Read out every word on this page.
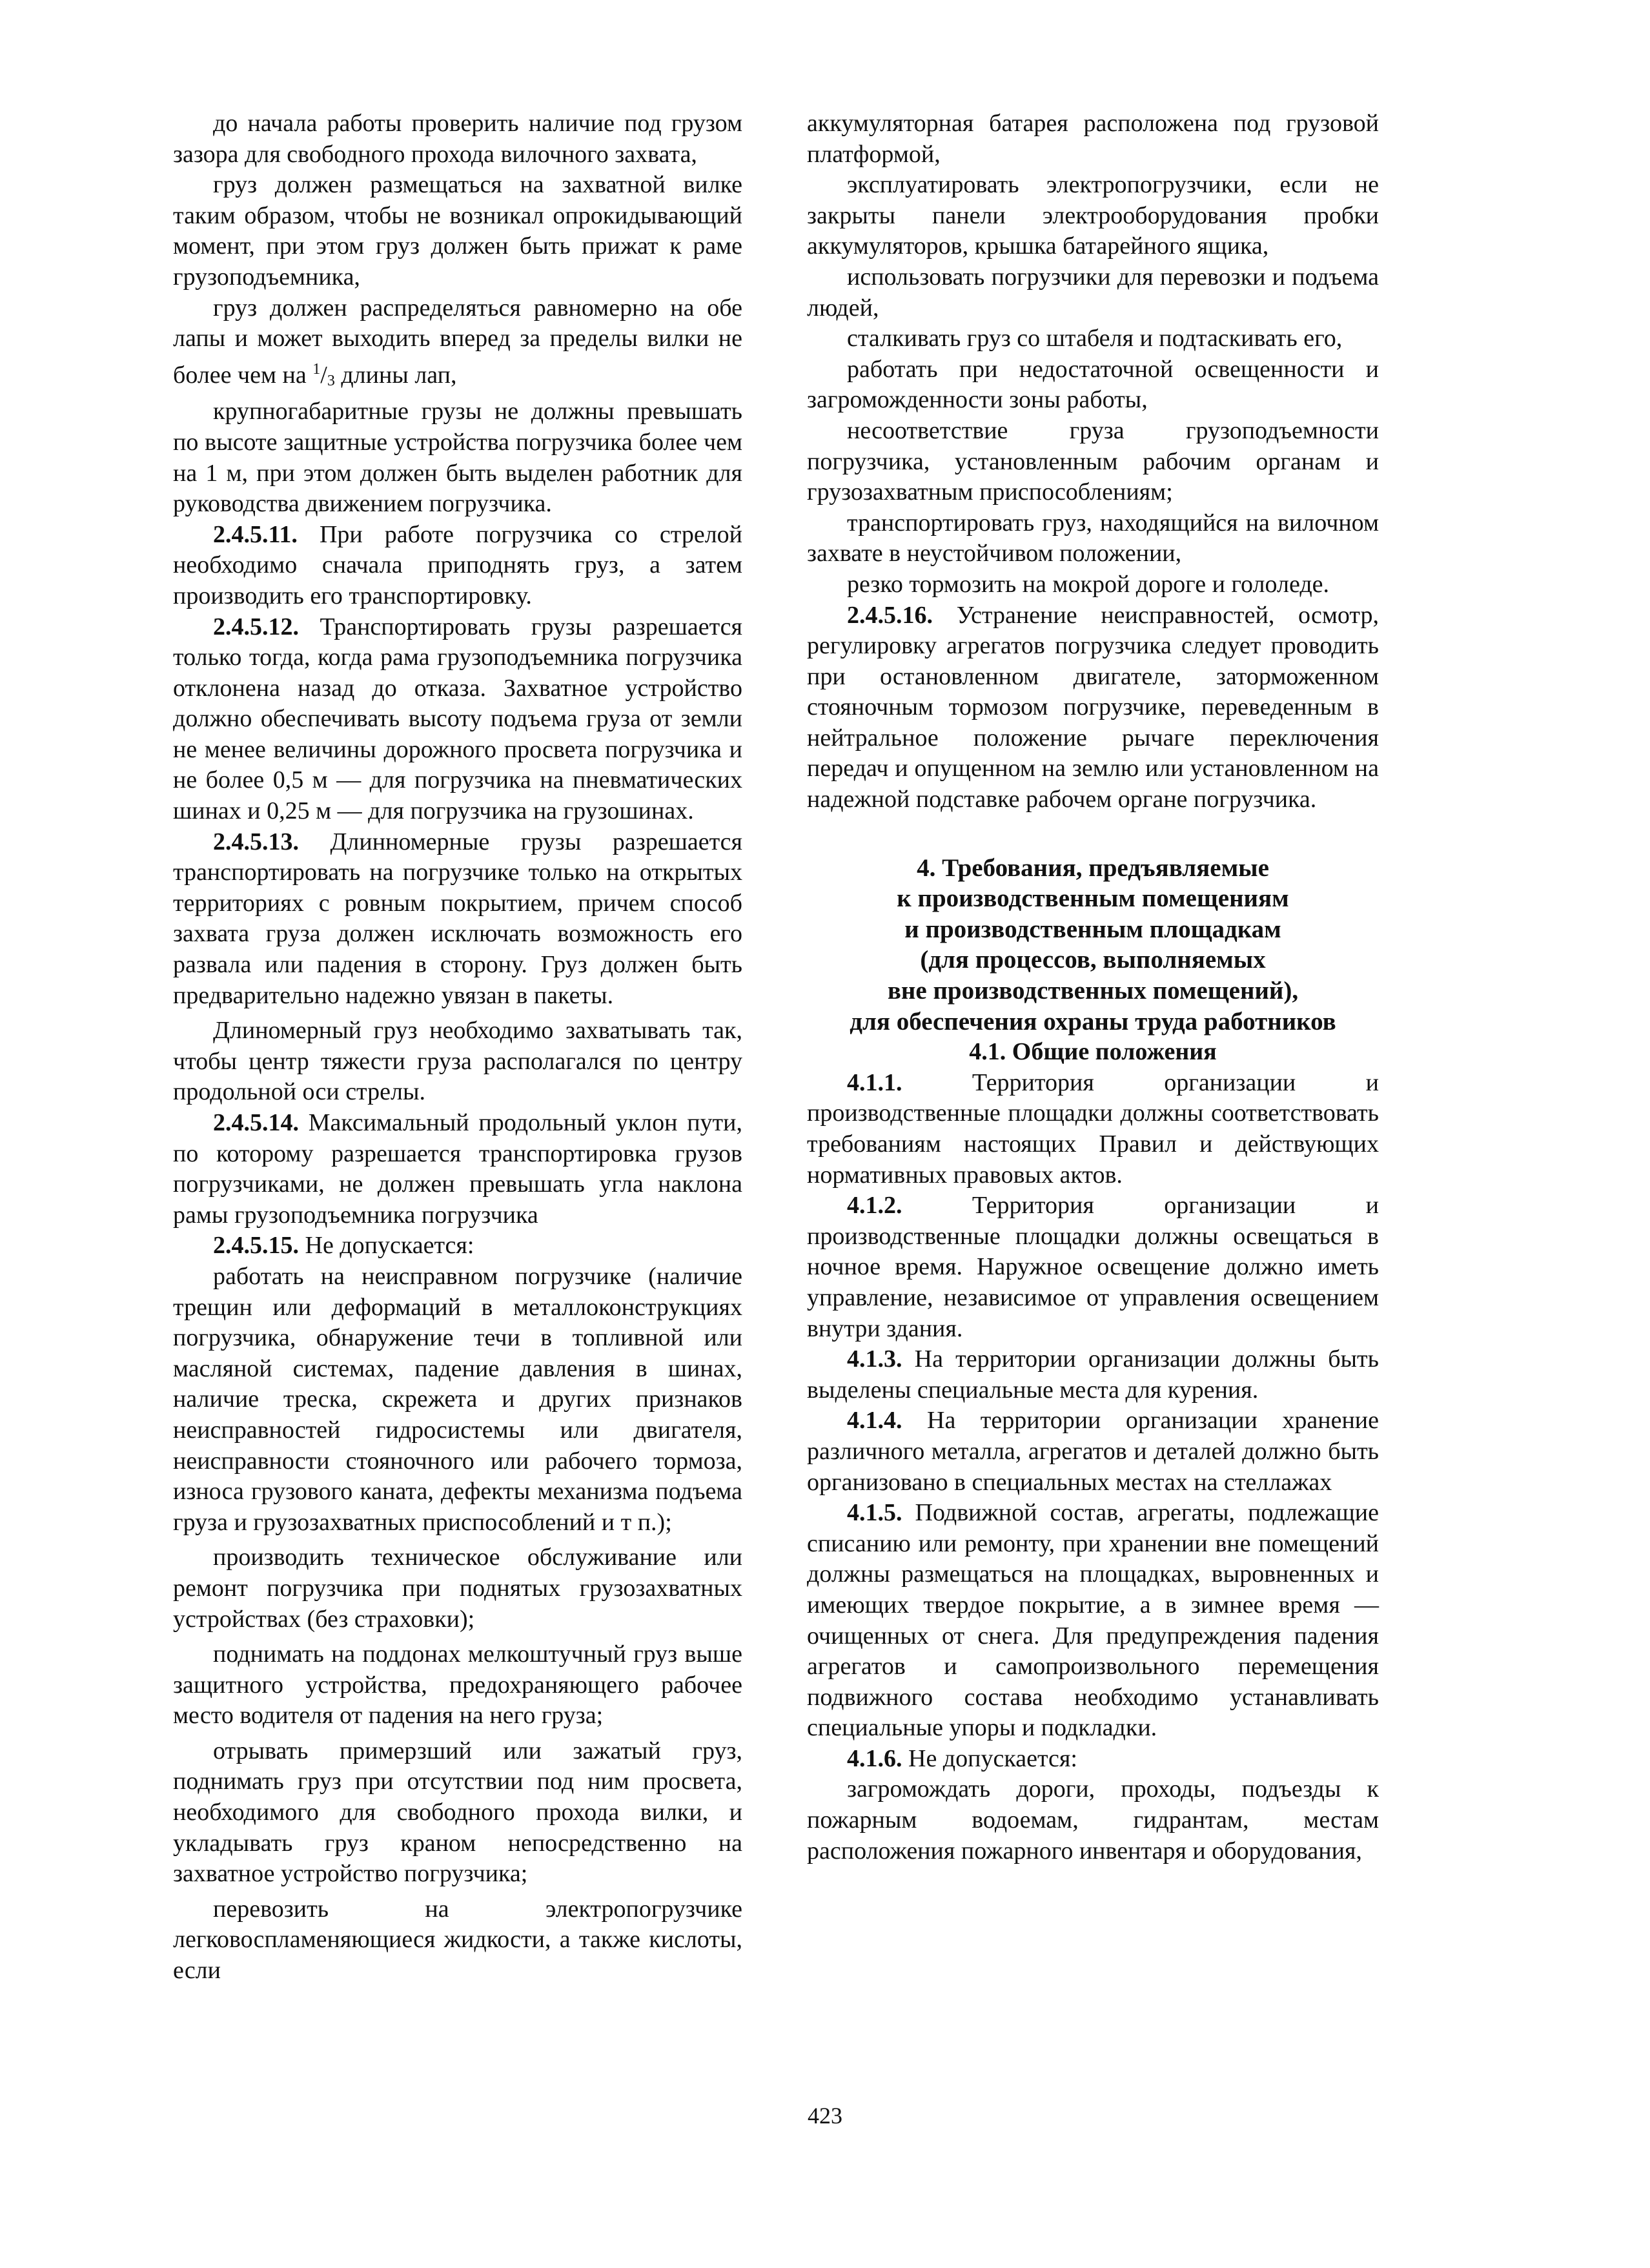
до начала работы проверить наличие под грузом зазора для свободного прохода вилочного захвата,

груз должен размещаться на захватной вилке таким образом, чтобы не возникал опрокидывающий момент, при этом груз должен быть прижат к раме грузоподъемника,

груз должен распределяться равномерно на обе лапы и может выходить вперед за пределы вилки не более чем на $^1/_3$ длины лап,

крупногабаритные грузы не должны превышать по высоте защитные устройства погрузчика более чем на 1 м, при этом должен быть выделен работник для руководства движением погрузчика.

2.4.5.11. При работе погрузчика со стрелой необходимо сначала приподнять груз, а затем производить его транспортировку.

2.4.5.12. Транспортировать грузы разрешается только тогда, когда рама грузоподъемника погрузчика отклонена назад до отказа. Захватное устройство должно обеспечивать высоту подъема груза от земли не менее величины дорожного просвета погрузчика и не более 0,5 м — для погрузчика на пневматических шинах и 0,25 м — для погрузчика на грузошинах.

2.4.5.13. Длинномерные грузы разрешается транспортировать на погрузчике только на открытых территориях с ровным покрытием, причем способ захвата груза должен исключать возможность его развала или падения в сторону. Груз должен быть предварительно надежно увязан в пакеты.

Длиномерный груз необходимо захватывать так, чтобы центр тяжести груза располагался по центру продольной оси стрелы.

2.4.5.14. Максимальный продольный уклон пути, по которому разрешается транспортировка грузов погрузчиками, не должен превышать угла наклона рамы грузоподъемника погрузчика

2.4.5.15. Не допускается:

работать на неисправном погрузчике (наличие трещин или деформаций в металлоконструкциях погрузчика, обнаружение течи в топливной или масляной системах, падение давления в шинах, наличие треска, скрежета и других признаков неисправностей гидросистемы или двигателя, неисправности стояночного или рабочего тормоза, износа грузового каната, дефекты механизма подъема груза и грузозахватных приспособлений и т п.);

производить техническое обслуживание или ремонт погрузчика при поднятых грузозахватных устройствах (без страховки);

поднимать на поддонах мелкоштучный груз выше защитного устройства, предохраняющего рабочее место водителя от падения на него груза;

отрывать примерзший или зажатый груз, поднимать груз при отсутствии под ним просвета, необходимого для свободного прохода вилки, и укладывать груз краном непосредственно на захватное устройство погрузчика;

перевозить на электропогрузчике легковоспламеняющиеся жидкости, а также кислоты, если

аккумуляторная батарея расположена под грузовой платформой,

эксплуатировать электропогрузчики, если не закрыты панели электрооборудования пробки аккумуляторов, крышка батарейного ящика,

использовать погрузчики для перевозки и подъема людей,

сталкивать груз со штабеля и подтаскивать его,

работать при недостаточной освещенности и загроможденности зоны работы,

несоответствие груза грузоподъемности погрузчика, установленным рабочим органам и грузозахватным приспособлениям;

транспортировать груз, находящийся на вилочном захвате в неустойчивом положении,

резко тормозить на мокрой дороге и гололеде.

2.4.5.16. Устранение неисправностей, осмотр, регулировку агрегатов погрузчика следует проводить при остановленном двигателе, заторможенном стояночным тормозом погрузчике, переведенным в нейтральное положение рычаге переключения передач и опущенном на землю или установленном на надежной подставке рабочем органе погрузчика.

4. Требования, предъявляемые

к производственным помещениям

и производственным площадкам

(для процессов, выполняемых

вне производственных помещений),

для обеспечения охраны труда работников

4.1. Общие положения

4.1.1. Территория организации и производственные площадки должны соответствовать требованиям настоящих Правил и действующих нормативных правовых актов.

4.1.2. Территория организации и производственные площадки должны освещаться в ночное время. Наружное освещение должно иметь управление, независимое от управления освещением внутри здания.

4.1.3. На территории организации должны быть выделены специальные места для курения.

4.1.4. На территории организации хранение различного металла, агрегатов и деталей должно быть организовано в специальных местах на стеллажах

4.1.5. Подвижной состав, агрегаты, подлежащие списанию или ремонту, при хранении вне помещений должны размещаться на площадках, выровненных и имеющих твердое покрытие, а в зимнее время — очищенных от снега. Для предупреждения падения агрегатов и самопроизвольного перемещения подвижного состава необходимо устанавливать специальные упоры и подкладки.

4.1.6. Не допускается:

загромождать дороги, проходы, подъезды к пожарным водоемам, гидрантам, местам расположения пожарного инвентаря и оборудования,

423
